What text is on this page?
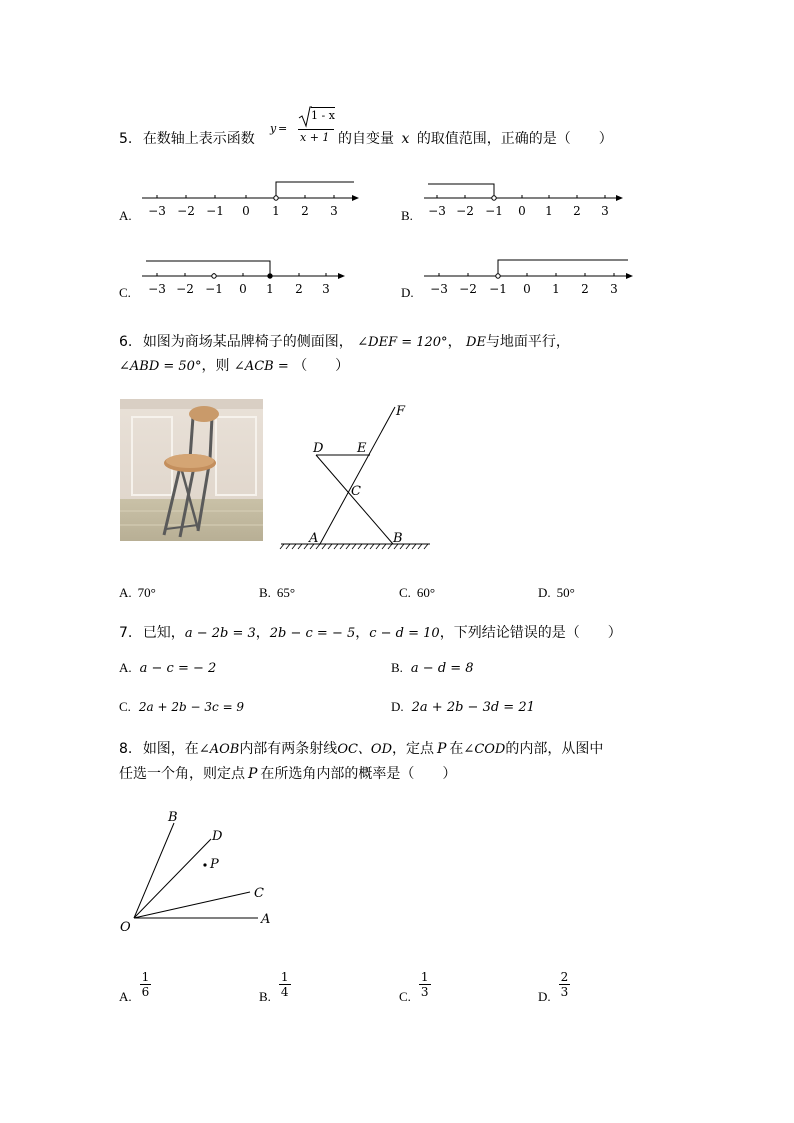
5. 在数轴上表示函数
y =
1 - x
x + 1 的自变量 x 的取值范围，正确的是（　　）
A. −3 −2 −1 0 1 2 3	B. −3 −2 −1 0 1 2 3
C. −3 −2 −1 0 1 2 3	D. −3 −2 −1 0 1 2 3
6. 如图为商场某品牌椅子的侧面图， ∠DEF = 120°， DE与地面平行，
∠ABD = 50°，则 ∠ACB = （　　）
F
D	E
C
A	B
A. 70°	B. 65°	C. 60°	D. 50°
7. 已知，a − 2b = 3，2b − c = − 5，c − d = 10，下列结论错误的是（　　）
A. a − c = − 2	B. a − d = 8
C. 2a + 2b − 3c = 9	D. 2a + 2b − 3d = 21
8. 如图，在∠AOB内部有两条射线OC、OD，定点 P 在∠COD的内部，从图中
任选一个角，则定点 P 在所选角内部的概率是（　　）
B
D
P
C
A
O
A. $\frac{1}{6}$	B. $\frac{1}{4}$	C. $\frac{1}{3}$	D. $\frac{2}{3}$
